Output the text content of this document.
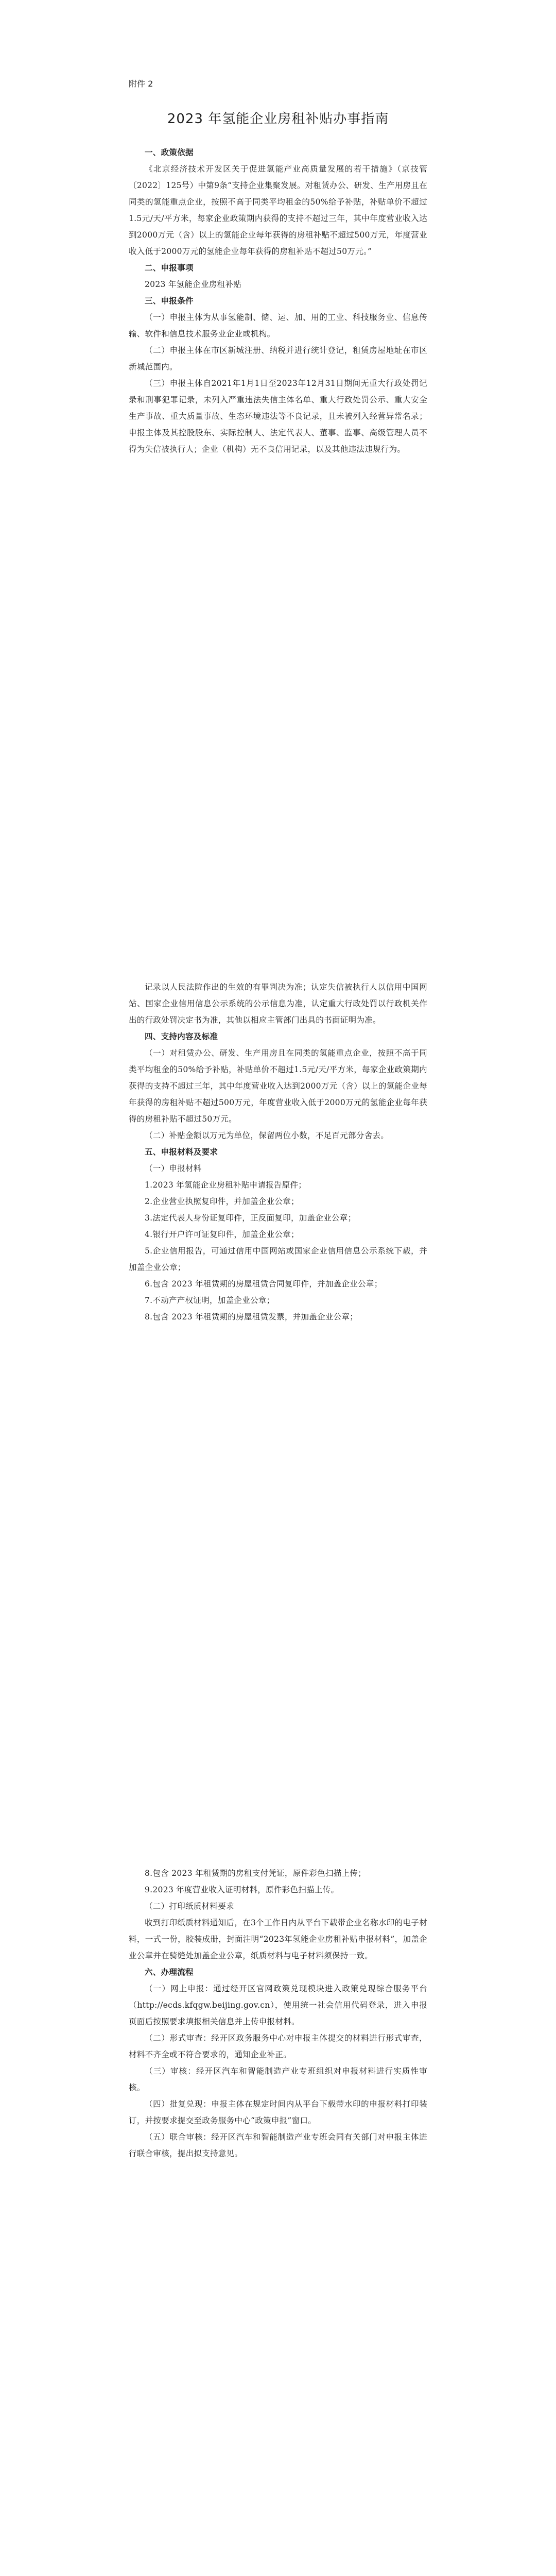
附件 2

2023 年氢能企业房租补贴办事指南

一、政策依据

《北京经济技术开发区关于促进氢能产业高质量发展的若干措施》（京技管〔2022〕125号）中第9条“支持企业集聚发展。对租赁办公、研发、生产用房且在同类的氢能重点企业，按照不高于同类平均租金的50%给予补贴，补贴单价不超过1.5元/天/平方米，每家企业政策期内获得的支持不超过三年，其中年度营业收入达到2000万元（含）以上的氢能企业每年获得的房租补贴不超过500万元，年度营业收入低于2000万元的氢能企业每年获得的房租补贴不超过50万元。”

二、申报事项

2023 年氢能企业房租补贴

三、申报条件

（一）申报主体为从事氢能制、储、运、加、用的工业、科技服务业、信息传输、软件和信息技术服务业企业或机构。

（二）申报主体在市区新城注册、纳税并进行统计登记，租赁房屋地址在市区新城范围内。

（三）申报主体自2021年1月1日至2023年12月31日期间无重大行政处罚记录和刑事犯罪记录，未列入严重违法失信主体名单、重大行政处罚公示、重大安全生产事故、重大质量事故、生态环境违法等不良记录，且未被列入经营异常名录；申报主体及其控股股东、实际控制人、法定代表人、董事、监事、高级管理人员不得为失信被执行人；企业（机构）无不良信用记录，以及其他违法违规行为。

记录以人民法院作出的生效的有罪判决为准；认定失信被执行人以信用中国网站、国家企业信用信息公示系统的公示信息为准，认定重大行政处罚以行政机关作出的行政处罚决定书为准，其他以相应主管部门出具的书面证明为准。

四、支持内容及标准

（一）对租赁办公、研发、生产用房且在同类的氢能重点企业，按照不高于同类平均租金的50%给予补贴，补贴单价不超过1.5元/天/平方米，每家企业政策期内获得的支持不超过三年，其中年度营业收入达到2000万元（含）以上的氢能企业每年获得的房租补贴不超过500万元，年度营业收入低于2000万元的氢能企业每年获得的房租补贴不超过50万元。

（二）补贴金额以万元为单位，保留两位小数，不足百元部分舍去。

五、申报材料及要求

（一）申报材料

1.2023 年氢能企业房租补贴申请报告原件；

2.企业营业执照复印件，并加盖企业公章；

3.法定代表人身份证复印件，正反面复印，加盖企业公章；

4.银行开户许可证复印件，加盖企业公章；

5.企业信用报告，可通过信用中国网站或国家企业信用信息公示系统下载，并加盖企业公章；

6.包含 2023 年租赁期的房屋租赁合同复印件，并加盖企业公章；

7.不动产产权证明，加盖企业公章；

8.包含 2023 年租赁期的房屋租赁发票，并加盖企业公章；

8.包含 2023 年租赁期的房租支付凭证，原件彩色扫描上传；

9.2023 年度营业收入证明材料，原件彩色扫描上传。

（二）打印纸质材料要求

收到打印纸质材料通知后，在3个工作日内从平台下载带企业名称水印的电子材料，一式一份，胶装成册，封面注明“2023年氢能企业房租补贴申报材料”，加盖企业公章并在骑缝处加盖企业公章，纸质材料与电子材料须保持一致。

六、办理流程

（一）网上申报：通过经开区官网政策兑现模块进入政策兑现综合服务平台（http://ecds.kfqgw.beijing.gov.cn），使用统一社会信用代码登录，进入申报页面后按照要求填报相关信息并上传申报材料。

（二）形式审查：经开区政务服务中心对申报主体提交的材料进行形式审查，材料不齐全或不符合要求的，通知企业补正。

（三）审核：经开区汽车和智能制造产业专班组织对申报材料进行实质性审核。

（四）批复兑现：申报主体在规定时间内从平台下载带水印的申报材料打印装订，并按要求提交至政务服务中心“政策申报”窗口。

（五）联合审核：经开区汽车和智能制造产业专班会同有关部门对申报主体进行联合审核，提出拟支持意见。
